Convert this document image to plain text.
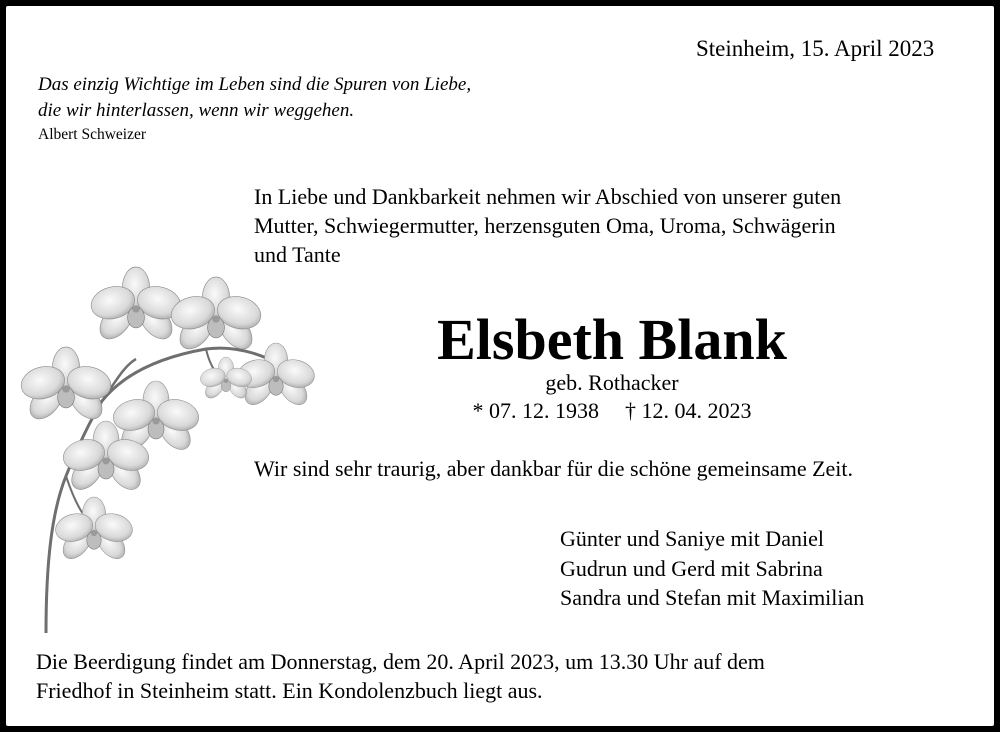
Steinheim, 15. April 2023
Das einzig Wichtige im Leben sind die Spuren von Liebe,
die wir hinterlassen, wenn wir weggehen.
Albert Schweizer
In Liebe und Dankbarkeit nehmen wir Abschied von unserer guten
Mutter, Schwiegermutter, herzensguten Oma, Uroma, Schwägerin
und Tante
Elsbeth Blank
geb. Rothacker
* 07. 12. 1938 † 12. 04. 2023
Wir sind sehr traurig, aber dankbar für die schöne gemeinsame Zeit.
Günter und Saniye mit Daniel
Gudrun und Gerd mit Sabrina
Sandra und Stefan mit Maximilian
Die Beerdigung findet am Donnerstag, dem 20. April 2023, um 13.30 Uhr auf dem
Friedhof in Steinheim statt. Ein Kondolenzbuch liegt aus.
